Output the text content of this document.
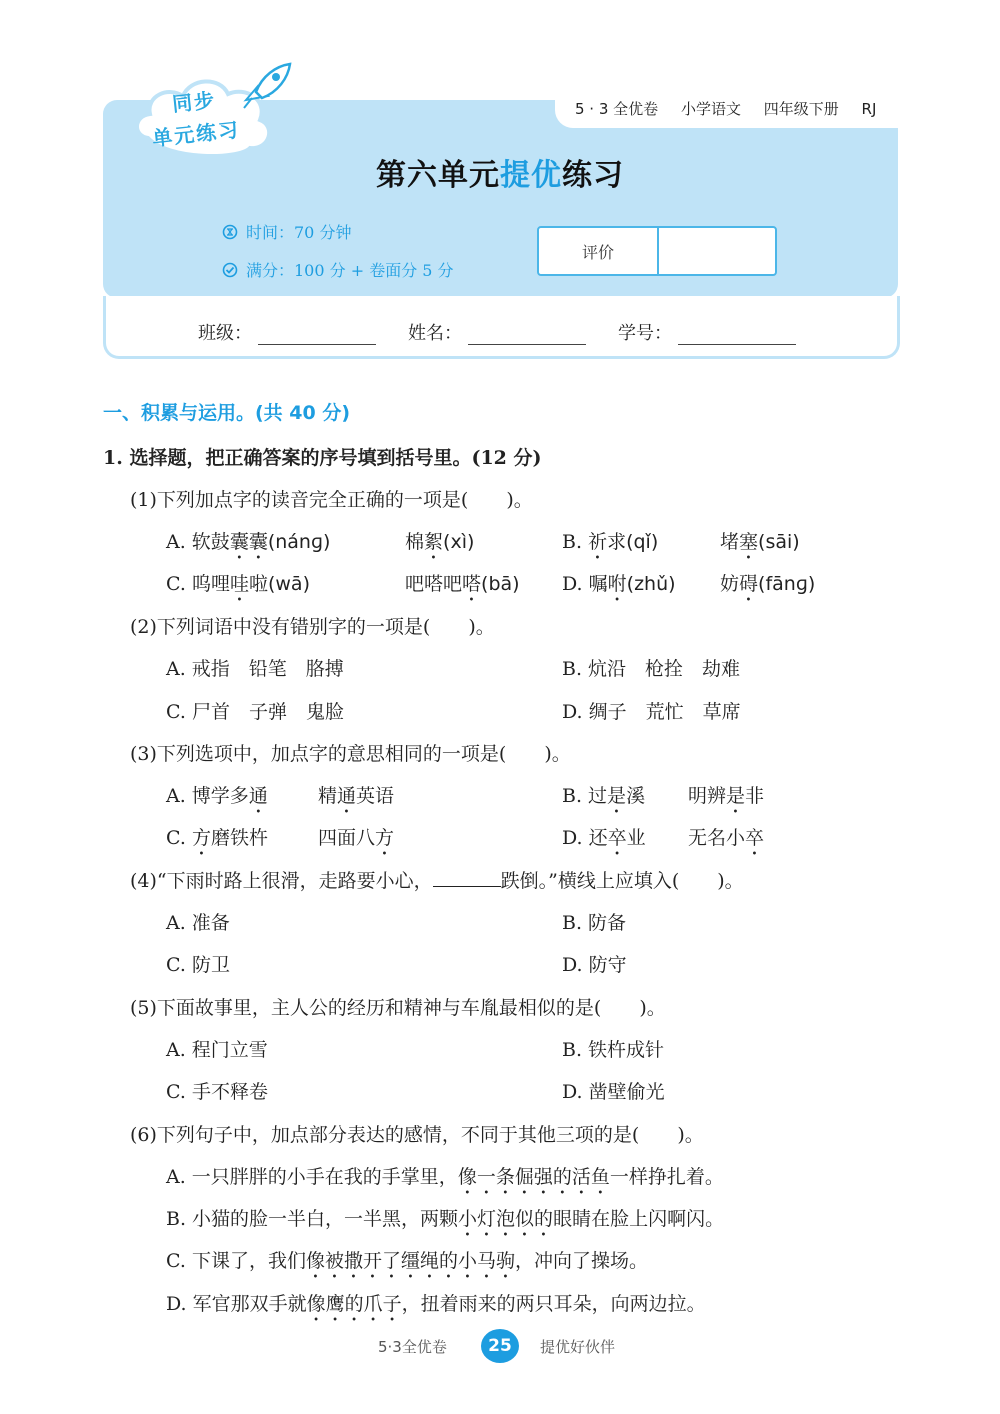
5 · 3 全优卷 小学语文 四年级下册 RJ
同步
单元练习
第六单元提优练习
时间：70 分钟
满分：100 分 + 卷面分 5 分
评价
班级：	姓名：	学号：
一、积累与运用。(共 40 分)
1. 选择题，把正确答案的序号填到括号里。(12 分)
(1)下列加点字的读音完全正确的一项是(　　)。
A. 软鼓囊囊(nánɡ)	棉絮(xì)	B. 祈求(qǐ)	堵塞(sāi)
C. 呜哩哇啦(wā)	吧嗒吧嗒(bā) D. 嘱咐(zhǔ) 妨碍(fānɡ)
(2)下列词语中没有错别字的一项是(　　)。
A. 戒指　铅笔　胳搏	B. 炕沿　枪拴　劫难
C. 尸首　子弹　鬼脸	D. 绸子　荒忙　草席
(3)下列选项中，加点字的意思相同的一项是(　　)。
A. 博学多通	精通英语	B. 过是溪 明辨是非
C. 方磨铁杵	四面八方	D. 还卒业 无名小卒
(4)“下雨时路上很滑，走路要小心，	跌倒。”横线上应填入(　　)。
A. 准备	B. 防备
C. 防卫	D. 防守
(5)下面故事里，主人公的经历和精神与车胤最相似的是(　　)。
A. 程门立雪	B. 铁杵成针
C. 手不释卷	D. 凿壁偷光
(6)下列句子中，加点部分表达的感情，不同于其他三项的是(　　)。
A. 一只胖胖的小手在我的手掌里，像一条倔强的活鱼一样挣扎着。
B. 小猫的脸一半白，一半黑，两颗小灯泡似的眼睛在脸上闪啊闪。
C. 下课了，我们像被撒开了缰绳的小马驹，冲向了操场。
D. 军官那双手就像鹰的爪子，扭着雨来的两只耳朵，向两边拉。
5·3全优卷	25	提优好伙伴
